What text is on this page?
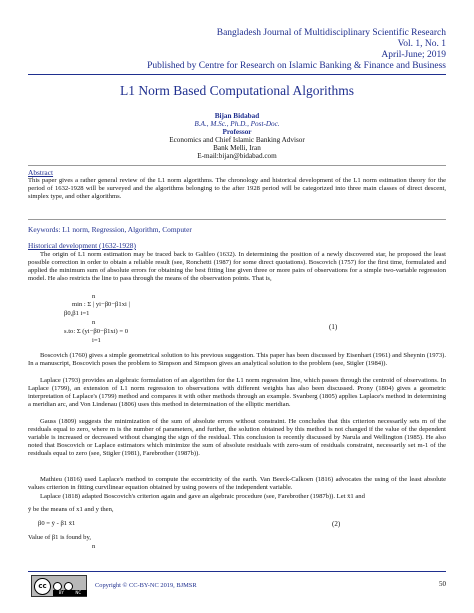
Bangladesh Journal of Multidisciplinary Scientific Research
Vol. 1, No. 1
April-June; 2019
Published by Centre for Research on Islamic Banking & Finance and Business
L1 Norm Based Computational Algorithms
Bijan Bidabad
B.A., M.Sc., Ph.D., Post-Doc.
Professor
Economics and Chief Islamic Banking Advisor
Bank Melli, Iran
E-mail:bijan@bidabad.com
Abstract
This paper gives a rather general review of the L1 norm algorithms. The chronology and historical development of the L1 norm estimation theory for the period of 1632-1928 will be surveyed and the algorithms belonging to the after 1928 period will be categorized into three main classes of direct descent, simplex type, and other algorithms.
Keywords: L1 norm, Regression, Algorithm, Computer
Historical development (1632-1928)
The origin of L1 norm estimation may be traced back to Galileo (1632). In determining the position of a newly discovered star, he proposed the least possible correction in order to obtain a reliable result (see, Ronchetti (1987) for some direct quotations). Boscovich (1757) for the first time, formulated and applied the minimum sum of absolute errors for obtaining the best fitting line given three or more pairs of observations for a simple two-variable regression model. He also restricts the line to pass through the means of the observation points. That is,
n
min : Σ | yi−β0−β1xi |
β0,β1 i=1
n
s.to: Σ (yi−β0−β1xi) = 0
i=1
(1)
Boscovich (1760) gives a simple geometrical solution to his previous suggestion. This paper has been discussed by Eisenhart (1961) and Sheynin (1973). In a manuscript, Boscovich poses the problem to Simpson and Simpson gives an analytical solution to the problem (see, Stigler (1984)).
Laplace (1793) provides an algebraic formulation of an algorithm for the L1 norm regression line, which passes through the centroid of observations. In Laplace (1799), an extension of L1 norm regression to observations with different weights has also been discussed. Prony (1804) gives a geometric interpretation of Laplace's (1799) method and compares it with other methods through an example. Svanberg (1805) applies Laplace's method in determining a meridian arc, and Von Lindenau (1806) uses this method in determination of the elliptic meridian.
Gauss (1809) suggests the minimization of the sum of absolute errors without constraint. He concludes that this criterion necessarily sets m of the residuals equal to zero, where m is the number of parameters, and further, the solution obtained by this method is not changed if the value of the dependent variable is increased or decreased without changing the sign of the residual. This conclusion is recently discussed by Narula and Wellington (1985). He also noted that Boscovich or Laplace estimators which minimize the sum of absolute residuals with zero-sum of residuals constraint, necessarily set m-1 of the residuals equal to zero (see, Stigler (1981), Farebrother (1987b)).
Mathieu (1816) used Laplace's method to compute the eccentricity of the earth. Van Beeck-Calkoen (1816) advocates the using of the least absolute values criterion in fitting curvilinear equation obtained by using powers of the independent variable.
Laplace (1818) adapted Boscovich's criterion again and gave an algebraic procedure (see, Farebrother (1987b)). Let x̄1 and
ȳ be the means of x1 and y then,
β0 = ȳ - β1 x̄1	(2)
Value of β1 is found by,
n
cc
BY	NC
Copyright © CC-BY-NC 2019, BJMSR	50
